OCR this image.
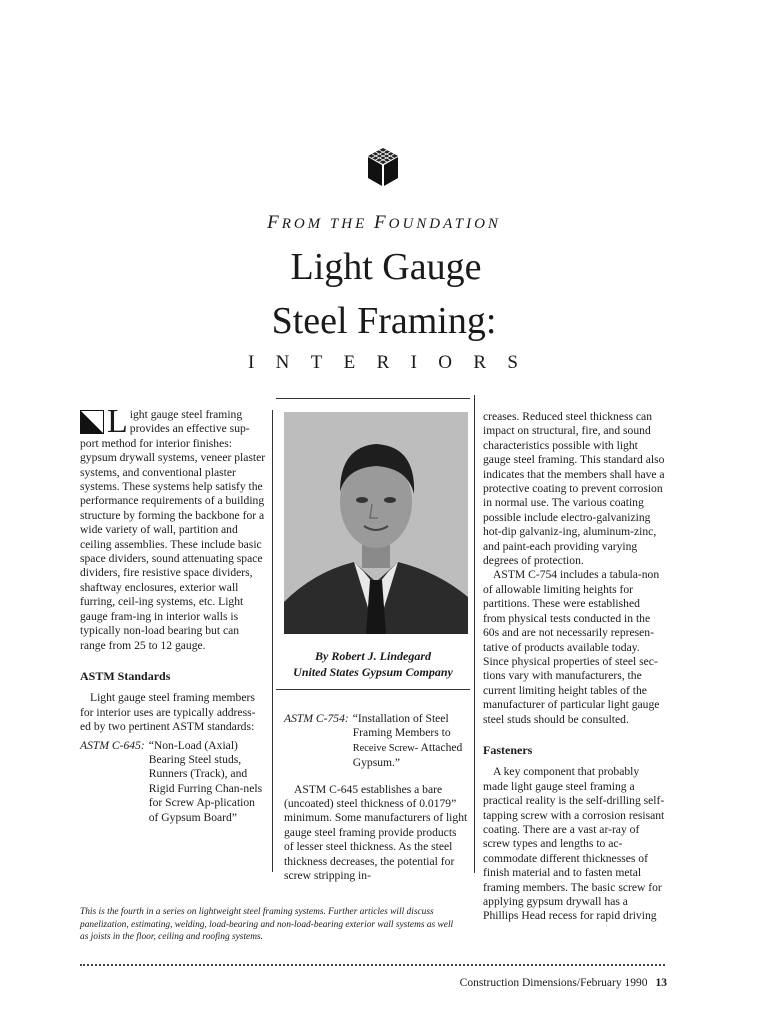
FROM THE FOUNDATION
Light Gauge
Steel Framing:
I N T E R I O R S

L ight gauge steel framing provides an effective sup-port method for interior finishes: gypsum drywall systems, veneer plaster systems, and conventional plaster systems. These systems help satisfy the performance requirements of a building structure by forming the backbone for a wide variety of wall, partition and ceiling assemblies. These include basic space dividers, sound attenuating space dividers, fire resistive space dividers, shaftway enclosures, exterior wall furring, ceil-ing systems, etc. Light gauge fram-ing in interior walls is typically non-load bearing but can range from 25 to 12 gauge.

ASTM Standards

Light gauge steel framing members for interior uses are typically address-ed by two pertinent ASTM standards:

ASTM C-645: “Non-Load (Axial) Bearing Steel studs, Runners (Track), and Rigid Furring Chan-nels for Screw Ap-plication of Gypsum Board”
By Robert J. Lindegard
United States Gypsum Company
ASTM C-754: “Installation of Steel Framing Members to Receive Screw- Attached Gypsum.”

ASTM C-645 establishes a bare (uncoated) steel thickness of 0.0179” minimum. Some manufacturers of light gauge steel framing provide products of lesser steel thickness. As the steel thickness decreases, the potential for screw stripping in-

creases. Reduced steel thickness can impact on structural, fire, and sound characteristics possible with light gauge steel framing. This standard also indicates that the members shall have a protective coating to prevent corrosion in normal use. The various coating possible include electro-galvanizing hot-dip galvaniz-ing, aluminum-zinc, and paint-each providing varying degrees of protection.

ASTM C-754 includes a tabula-non of allowable limiting heights for partitions. These were established from physical tests conducted in the 60s and are not necessarily represen-tative of products available today. Since physical properties of steel sec-tions vary with manufacturers, the current limiting height tables of the manufacturer of particular light gauge steel studs should be consulted.

Fasteners

A key component that probably made light gauge steel framing a practical reality is the self-drilling self-tapping screw with a corrosion resisant coating. There are a vast ar-ray of screw types and lengths to ac-commodate different thicknesses of finish material and to fasten metal framing members. The basic screw for applying gypsum drywall has a Phillips Head recess for rapid driving

This is the fourth in a series on lightweight steel framing systems. Further articles will discuss panelization, estimating, welding, load-bearing and non-load-bearing exterior wall systems as well as joists in the floor, ceiling and roofing systems.
Construction Dimensions/February 1990 13
